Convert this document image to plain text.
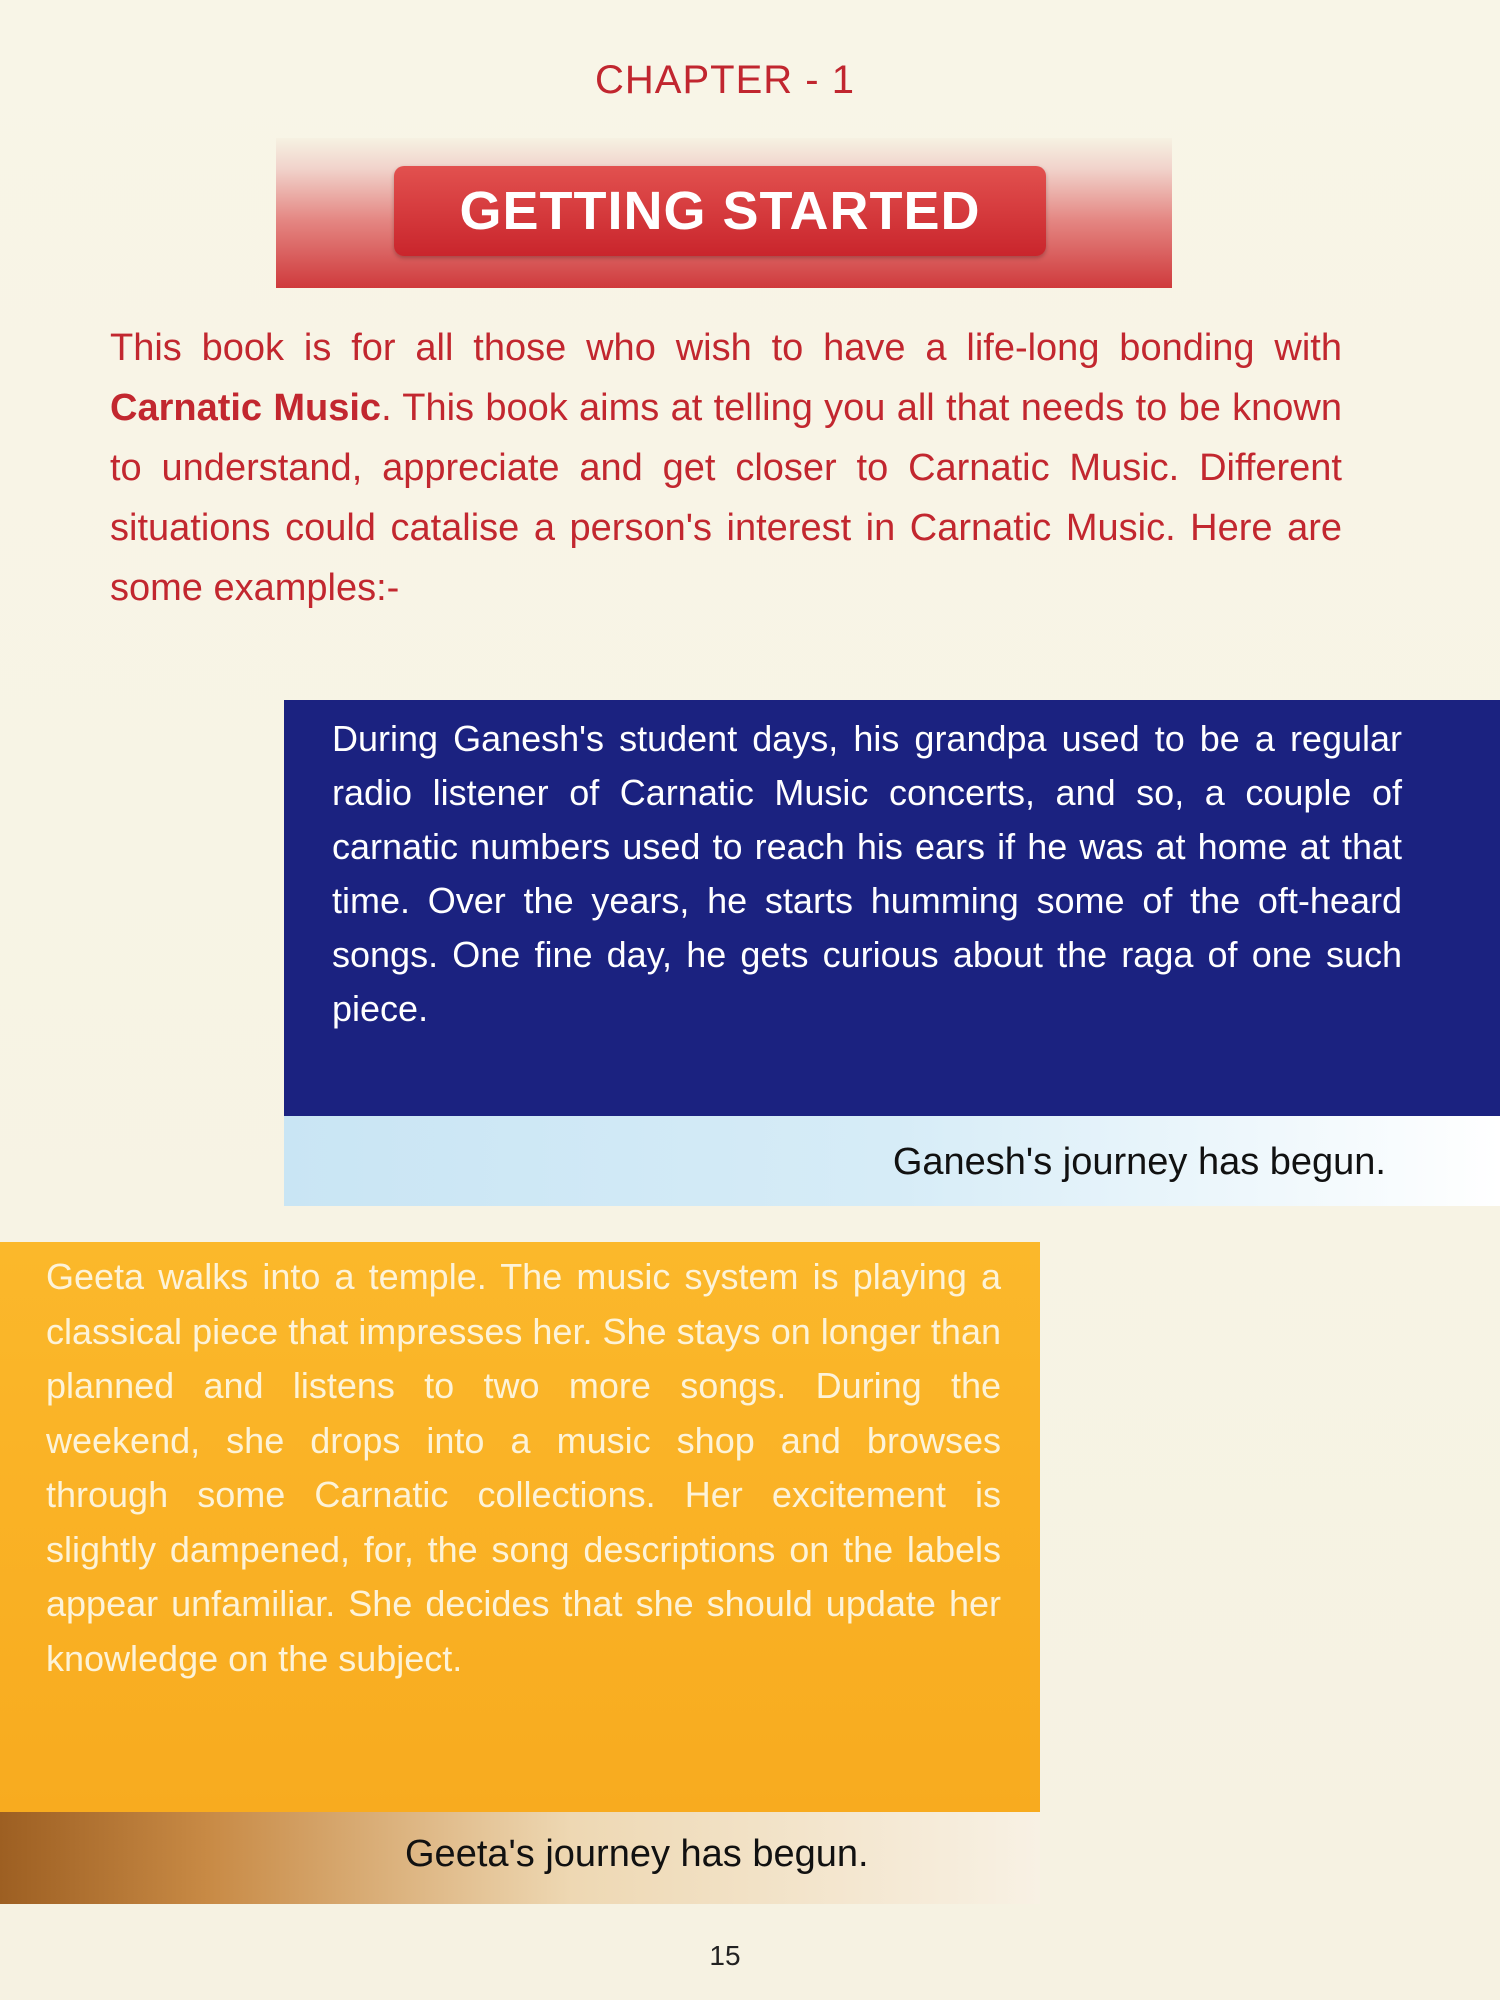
CHAPTER - 1
GETTING STARTED

This book is for all those who wish to have a life-long bonding with Carnatic Music. This book aims at telling you all that needs to be known to understand, appreciate and get closer to Carnatic Music. Different situations could catalise a person's interest in Carnatic Music. Here are some examples:-

During Ganesh's student days, his grandpa used to be a regular radio listener of Carnatic Music concerts, and so, a couple of carnatic numbers used to reach his ears if he was at home at that time. Over the years, he starts humming some of the oft-heard songs. One fine day, he gets curious about the raga of one such piece.

Ganesh's journey has begun.

Geeta walks into a temple. The music system is playing a classical piece that impresses her. She stays on longer than planned and listens to two more songs. During the weekend, she drops into a music shop and browses through some Carnatic collections. Her excitement is slightly dampened, for, the song descriptions on the labels appear unfamiliar. She decides that she should update her knowledge on the subject.

Geeta's journey has begun.

15
